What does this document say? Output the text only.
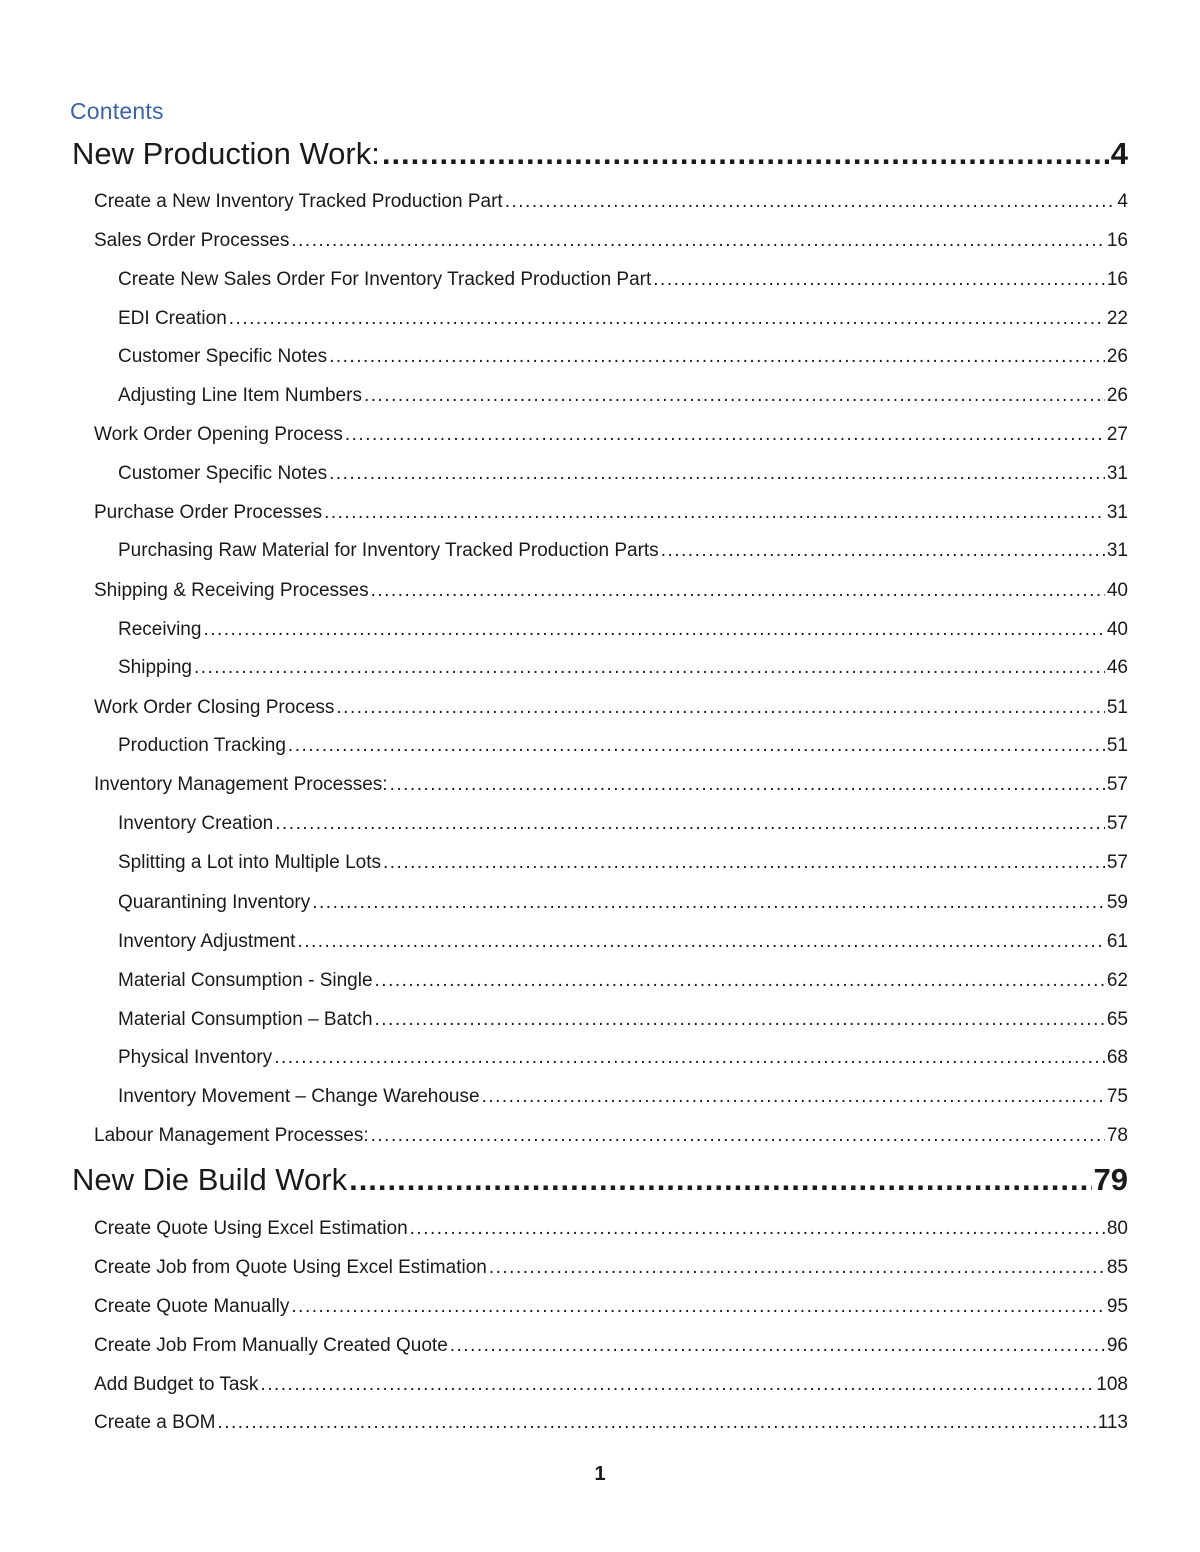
Contents
New Production Work: .....	4
Create a New Inventory Tracked Production Part .....	4
Sales Order Processes .....	16
Create New Sales Order For Inventory Tracked Production Part .....	16
EDI Creation .....	22
Customer Specific Notes .....	26
Adjusting Line Item Numbers .....	26
Work Order Opening Process .....	27
Customer Specific Notes .....	31
Purchase Order Processes .....	31
Purchasing Raw Material for Inventory Tracked Production Parts .....	31
Shipping & Receiving Processes .....	40
Receiving .....	40
Shipping .....	46
Work Order Closing Process .....	51
Production Tracking .....	51
Inventory Management Processes: .....	57
Inventory Creation .....	57
Splitting a Lot into Multiple Lots .....	57
Quarantining Inventory .....	59
Inventory Adjustment .....	61
Material Consumption - Single .....	62
Material Consumption – Batch .....	65
Physical Inventory .....	68
Inventory Movement – Change Warehouse .....	75
Labour Management Processes: .....	78
New Die Build Work .....	79
Create Quote Using Excel Estimation .....	80
Create Job from Quote Using Excel Estimation .....	85
Create Quote Manually .....	95
Create Job From Manually Created Quote .....	96
Add Budget to Task .....	108
Create a BOM .....	113
1
